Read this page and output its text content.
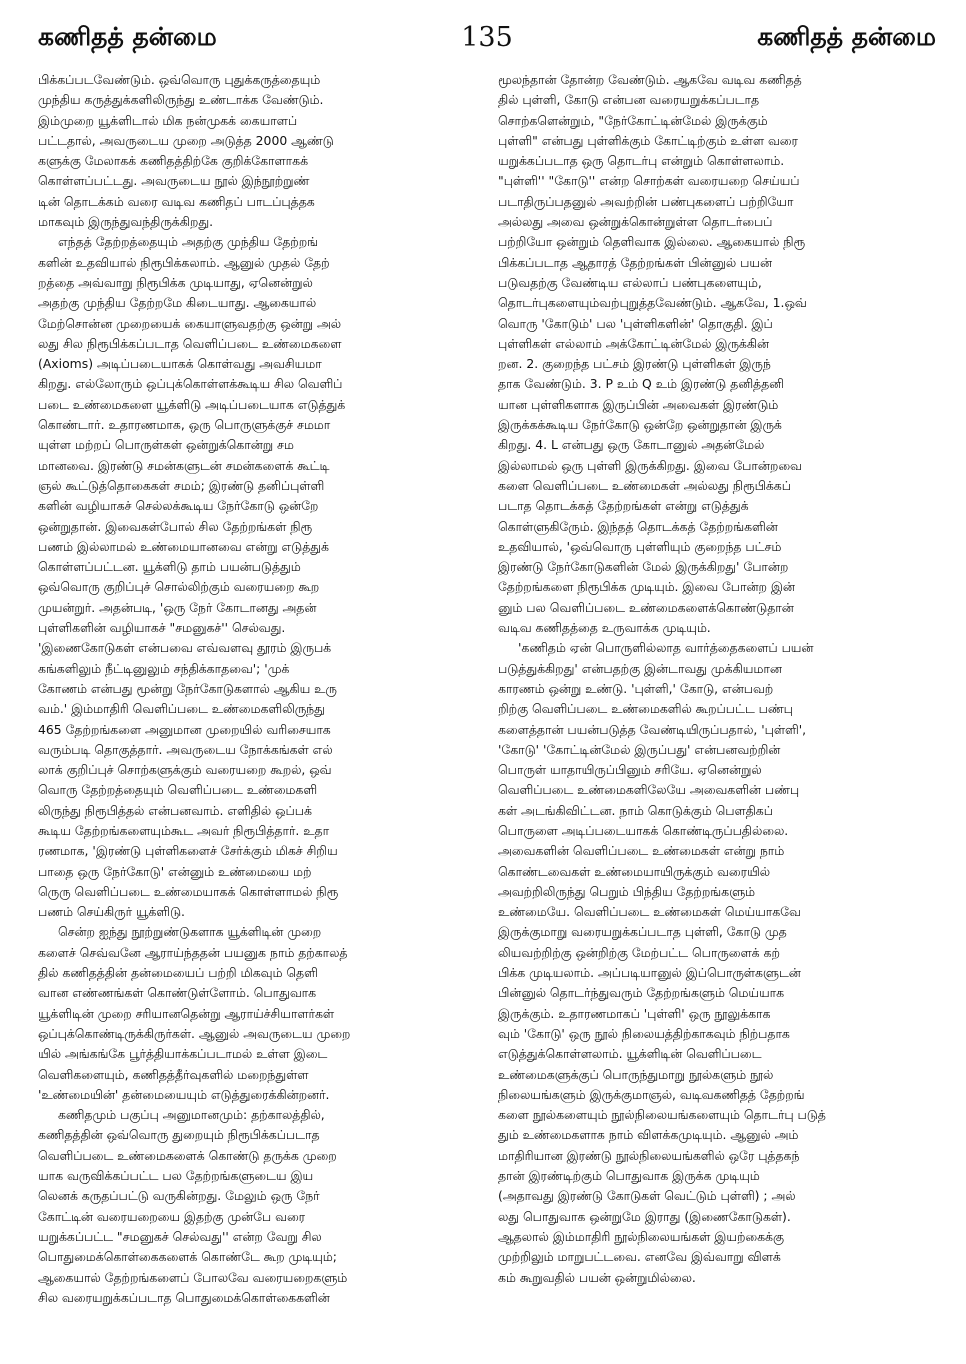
கணிதத் தன்மை	135	கணிதத் தன்மை
பிக்கப்படவேண்டும். ஒவ்வொரு புதுக்கருத்தையும்
முந்திய கருத்துக்களிலிருந்து உண்டாக்க வேண்டும்.
இம்முறை யூக்ளிடால் மிக நன்முகக் கையாளப்
பட்டதால், அவருடைய முறை அடுத்த 2000 ஆண்டு
களுக்கு மேலாகக் கணிதத்திற்கே குறிக்கோளாகக்
கொள்ளப்பட்டது. அவருடைய நூல் இந்நூற்றுண்
டின் தொடக்கம் வரை வடிவ கணிதப் பாடப்புத்தக
மாகவும் இருந்துவந்திருக்கிறது.
எந்தத் தேற்றத்தையும் அதற்கு முந்திய தேற்றங்
களின் உதவியால் நிரூபிக்கலாம். ஆனுல் முதல் தேற்
றத்தை அவ்வாறு நிரூபிக்க முடியாது, ஏனென்றுல்
அதற்கு முந்திய தேற்றமே கிடையாது. ஆகையால்
மேற்சொன்ன முறையைக் கையாளுவதற்கு ஒன்று அல்
லது சில நிரூபிக்கப்படாத வெளிப்படை உண்மைகளை
(Axioms) அடிப்படையாகக் கொள்வது அவசியமா
கிறது. எல்லோரும் ஒப்புக்கொள்ளக்கூடிய சில வெளிப்
படை உண்மைகளை யூக்ளிடு அடிப்படையாக எடுத்துக்
கொண்டார். உதாரணமாக, ஒரு பொருளுக்குச் சமமா
யுள்ள மற்றப் பொருள்கள் ஒன்றுக்கொன்று சம
மானவை. இரண்டு சமன்களுடன் சமன்களைக் கூட்டி
ஞல் கூட்டுத்தொகைகள் சமம்; இரண்டு தனிப்புள்ளி
களின் வழியாகச் செல்லக்கூடிய நேர்கோடு ஒன்றே
ஒன்றுதான். இவைகள்போல் சில தேற்றங்கள் நிரூ
பணம் இல்லாமல் உண்மையானவை என்று எடுத்துக்
கொள்ளப்பட்டன. யூக்ளிடு தாம் பயன்படுத்தும்
ஒவ்வொரு குறிப்புச் சொல்லிற்கும் வரையறை கூற
முயன்றுர். அதன்படி, 'ஒரு நேர் கோடானது அதன்
புள்ளிகளின் வழியாகச் "சமனுகச்'' செல்வது.
'இணைகோடுகள் என்பவை எவ்வளவு தூரம் இருபக்
கங்களிலும் நீட்டினுலும் சந்திக்காதவை'; 'முக்
கோணம் என்பது மூன்று நேர்கோடுகளால் ஆகிய உரு
வம்.' இம்மாதிரி வெளிப்படை உண்மைகளிலிருந்து
465 தேற்றங்களை அனுமான முறையில் வரிசையாக
வரும்படி தொகுத்தார். அவருடைய நோக்கங்கள் எல்
லாக் குறிப்புச் சொற்களுக்கும் வரையறை கூறல், ஒவ்
வொரு தேற்றத்தையும் வெளிப்படை உண்மைகளி
லிருந்து நிரூபித்தல் என்பனவாம். எளிதில் ஒப்பக்
கூடிய தேற்றங்களையும்கூட அவர் நிரூபித்தார். உதா
ரணமாக, 'இரண்டு புள்ளிகளைச் சேர்க்கும் மிகச் சிறிய
பாதை ஒரு நேர்கோடு' என்னும் உண்மையை மற்
ருெரு வெளிப்படை உண்மையாகக் கொள்ளாமல் நிரூ
பணம் செய்கிருர் யூக்ளிடு.
சென்ற ஐந்து நூற்றுண்டுகளாக யூக்ளிடின் முறை
களைச் செவ்வனே ஆராய்ந்ததன் பயனுக நாம் தற்காலத்
தில் கணிதத்தின் தன்மையைப் பற்றி மிகவும் தெளி
வான எண்ணங்கள் கொண்டுள்ளோம். பொதுவாக
யூக்ளிடின் முறை சரியானதென்று ஆராய்ச்சியாளர்கள்
ஒப்புக்கொண்டிருக்கிருர்கள். ஆனுல் அவருடைய முறை
யில் அங்கங்கே பூர்த்தியாக்கப்படாமல் உள்ள இடை
வெளிகளையும், கணிதத்தீர்வுகளில் மறைந்துள்ள
'உண்மையின்' தன்மையையும் எடுத்துரைக்கின்றனர்.
கணிதமும் பகுப்பு அனுமானமும்: தற்காலத்தில்,
கணிதத்தின் ஒவ்வொரு துறையும் நிரூபிக்கப்படாத
வெளிப்படை உண்மைகளைக் கொண்டு தருக்க முறை
யாக வருவிக்கப்பட்ட பல தேற்றங்களுடைய இய
லெனக் கருதப்பட்டு வருகின்றது. மேலும் ஒரு நேர்
கோட்டின் வரையறையை இதற்கு முன்பே வரை
யறுக்கப்பட்ட "சமனுகச் செல்வது'' என்ற வேறு சில
பொதுமைக்கொள்கைகளைக் கொண்டே கூற முடியும்;
ஆகையால் தேற்றங்களைப் போலவே வரையறைகளும்
சில வரையறுக்கப்படாத பொதுமைக்கொள்கைகளின்
மூலந்தான் தோன்ற வேண்டும். ஆகவே வடிவ கணிதத்
தில் புள்ளி, கோடு என்பன வரையறுக்கப்படாத
சொற்களென்றும், "நேர்கோட்டின்மேல் இருக்கும்
புள்ளி" என்பது புள்ளிக்கும் கோட்டிற்கும் உள்ள வரை
யறுக்கப்படாத ஒரு தொடர்பு என்றும் கொள்ளலாம்.
"புள்ளி'' "கோடு'' என்ற சொற்கள் வரையறை செய்யப்
படாதிருப்பதனுல் அவற்றின் பண்புகளைப் பற்றியோ
அல்லது அவை ஒன்றுக்கொன்றுள்ள தொடர்பைப்
பற்றியோ ஒன்றும் தெளிவாக இல்லை. ஆகையால் நிரூ
பிக்கப்படாத ஆதாரத் தேற்றங்கள் பின்னுல் பயன்
படுவதற்கு வேண்டிய எல்லாப் பண்புகளையும்,
தொடர்புகளையும்வற்புறுத்தவேண்டும். ஆகவே, 1.ஒவ்
வொரு 'கோடும்' பல 'புள்ளிகளின்' தொகுதி. இப்
புள்ளிகள் எல்லாம் அக்கோட்டின்மேல் இருக்கின்
றன. 2. குறைந்த பட்சம் இரண்டு புள்ளிகள் இருந்
தாக வேண்டும். 3. P உம் Q உம் இரண்டு தனித்தனி
யான புள்ளிகளாக இருப்பின் அவைகள் இரண்டும்
இருக்கக்கூடிய நேர்கோடு ஒன்றே ஒன்றுதான் இருக்
கிறது. 4. L என்பது ஒரு கோடானுல் அதன்மேல்
இல்லாமல் ஒரு புள்ளி இருக்கிறது. இவை போன்றவை
களை வெளிப்படை உண்மைகள் அல்லது நிரூபிக்கப்
படாத தொடக்கத் தேற்றங்கள் என்று எடுத்துக்
கொள்ளுகிருேம். இந்தத் தொடக்கத் தேற்றங்களின்
உதவியால், 'ஒவ்வொரு புள்ளியும் குறைந்த பட்சம்
இரண்டு நேர்கோடுகளின் மேல் இருக்கிறது' போன்ற
தேற்றங்களை நிரூபிக்க முடியும். இவை போன்ற இன்
னும் பல வெளிப்படை உண்மைகளைக்கொண்டுதான்
வடிவ கணிதத்தை உருவாக்க முடியும்.
'கணிதம் ஏன் பொருளில்லாத வார்த்தைகளைப் பயன்
படுத்துக்கிறது' என்பதற்கு இன்டாவது முக்கியமான
காரணம் ஒன்று உண்டு. 'புள்ளி,' கோடு, என்பவற்
றிற்கு வெளிப்படை உண்மைகளில் கூறப்பட்ட பண்பு
களைத்தான் பயன்படுத்த வேண்டியிருப்பதால், 'புள்ளி',
'கோடு' 'கோட்டின்மேல் இருப்பது' என்பனவற்றின்
பொருள் யாதாயிருப்பினும் சரியே. ஏனென்றுல்
வெளிப்படை உண்மைகளிலேயே அவைகளின் பண்பு
கள் அடங்கிவிட்டன. நாம் கொடுக்கும் பௌதிகப்
பொருளை அடிப்படையாகக் கொண்டிருப்பதில்லை.
அவைகளின் வெளிப்படை உண்மைகள் என்று நாம்
கொண்டவைகள் உண்மையாயிருக்கும் வரையில்
அவற்றிலிருந்து பெறும் பிந்திய தேற்றங்களும்
உண்மையே. வெளிப்படை உண்மைகள் மெய்யாகவே
இருக்குமாறு வரையறுக்கப்படாத புள்ளி, கோடு முத
லியவற்றிற்கு ஒன்றிற்கு மேற்பட்ட பொருளைக் கற்
பிக்க முடியலாம். அப்படியானுல் இப்பொருள்களுடன்
பின்னுல் தொடர்ந்துவரும் தேற்றங்களும் மெய்யாக
இருக்கும். உதாரணமாகப் 'புள்ளி' ஒரு நூலுக்காக
வும் 'கோடு' ஒரு நூல் நிலையத்திற்காகவும் நிற்பதாக
எடுத்துக்கொள்ளலாம். யூக்ளிடின் வெளிப்படை
உண்மைகளுக்குப் பொருந்துமாறு நூல்களும் நூல்
நிலையங்களும் இருக்குமாஞல், வடிவகணிதத் தேற்றங்
களை நூல்களையும் நூல்நிலையங்களையும் தொடர்பு படுத்
தும் உண்மைகளாக நாம் விளக்கமுடியும். ஆனுல் அம்
மாதிரியான இரண்டு நூல்நிலையங்களில் ஒரே புத்தகந்
தான் இரண்டிற்கும் பொதுவாக இருக்க முடியும்
(அதாவது இரண்டு கோடுகள் வெட்டும் புள்ளி) ; அல்
லது பொதுவாக ஒன்றுமே இராது (இணைகோடுகள்).
ஆதலால் இம்மாதிரி நூல்நிலையங்கள் இயற்கைக்கு
முற்றிலும் மாறுபட்டவை. எனவே இவ்வாறு விளக்
கம் கூறுவதில் பயன் ஒன்றுமில்லை.
